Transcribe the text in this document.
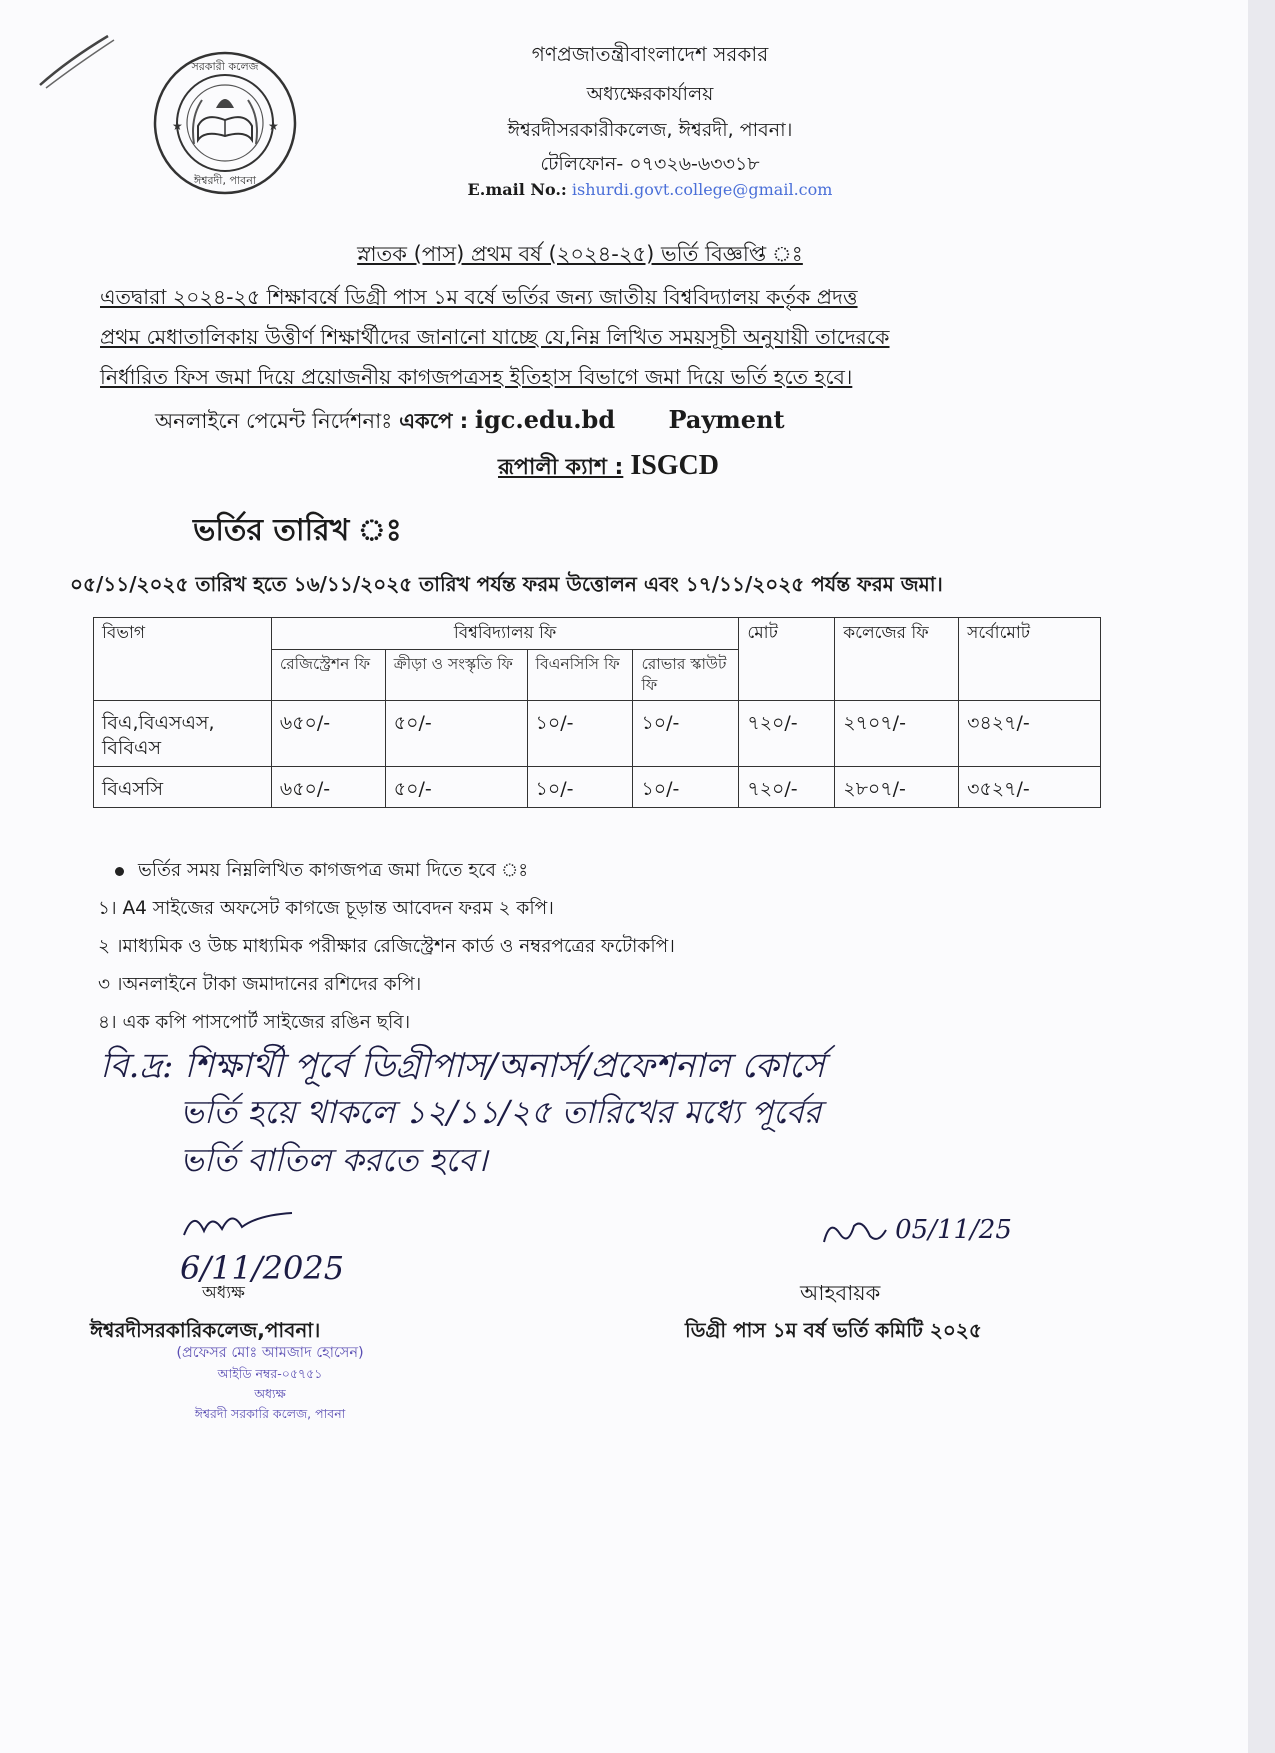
সরকারী কলেজ
ঈশ্বরদী, পাবনা
★	★
গণপ্রজাতন্ত্রীবাংলাদেশ সরকার
অধ্যক্ষেরকার্যালয়
ঈশ্বরদীসরকারীকলেজ, ঈশ্বরদী, পাবনা।
টেলিফোন- ০৭৩২৬-৬৩৩১৮
E.mail No.: ishurdi.govt.college@gmail.com
স্নাতক (পাস) প্রথম বর্ষ (২০২৪-২৫) ভর্তি বিজ্ঞপ্তি ঃ
এতদ্বারা ২০২৪-২৫ শিক্ষাবর্ষে ডিগ্রী পাস ১ম বর্ষে ভর্তির জন্য জাতীয় বিশ্ববিদ্যালয় কর্তৃক প্রদত্ত
প্রথম মেধাতালিকায় উত্তীর্ণ শিক্ষার্থীদের জানানো যাচ্ছে যে,নিম্ন লিখিত সময়সূচী অনুযায়ী তাদেরকে
নির্ধারিত ফিস জমা দিয়ে প্রয়োজনীয় কাগজপত্রসহ ইতিহাস বিভাগে জমা দিয়ে ভর্তি হতে হবে।
অনলাইনে পেমেন্ট নির্দেশনাঃ একপে : igc.edu.bd Payment
রূপালী ক্যাশ : ISGCD
ভর্তির তারিখ ঃ
০৫/১১/২০২৫ তারিখ হতে ১৬/১১/২০২৫ তারিখ পর্যন্ত ফরম উত্তোলন এবং ১৭/১১/২০২৫ পর্যন্ত ফরম জমা।
বিভাগ	বিশ্ববিদ্যালয় ফি				মোট	কলেজের ফি	সর্বোমোট
	রেজিস্ট্রেশন ফি	ক্রীড়া ও সংস্কৃতি ফি	বিএনসিসি ফি	রোভার স্কাউট ফি			
বিএ,বিএসএস, বিবিএস	৬৫০/-	৫০/-	১০/-	১০/-	৭২০/-	২৭০৭/-	৩৪২৭/-
বিএসসি	৬৫০/-	৫০/-	১০/-	১০/-	৭২০/-	২৮০৭/-	৩৫২৭/-
ভর্তির সময় নিম্নলিখিত কাগজপত্র জমা দিতে হবে ঃ
১। A4 সাইজের অফসেট কাগজে চূড়ান্ত আবেদন ফরম ২ কপি।
২ ।মাধ্যমিক ও উচ্চ মাধ্যমিক পরীক্ষার রেজিস্ট্রেশন কার্ড ও নম্বরপত্রের ফটোকপি।
৩ ।অনলাইনে টাকা জমাদানের রশিদের কপি।
৪। এক কপি পাসপোর্ট সাইজের রঙিন ছবি।
বি.দ্র: শিক্ষার্থী পূর্বে ডিগ্রীপাস/অনার্স/প্রফেশনাল কোর্সে
ভর্তি হয়ে থাকলে ১২/১১/২৫ তারিখের মধ্যে পূর্বের
ভর্তি বাতিল করতে হবে।
6/11/2025
05/11/25
অধ্যক্ষ	আহবায়ক
ঈশ্বরদীসরকারিকলেজ,পাবনা।	ডিগ্রী পাস ১ম বর্ষ ভর্তি কমিটি ২০২৫
(প্রফেসর মোঃ আমজাদ হোসেন)
আইডি নম্বর-০৫৭৫১
অধ্যক্ষ
ঈশ্বরদী সরকারি কলেজ, পাবনা
